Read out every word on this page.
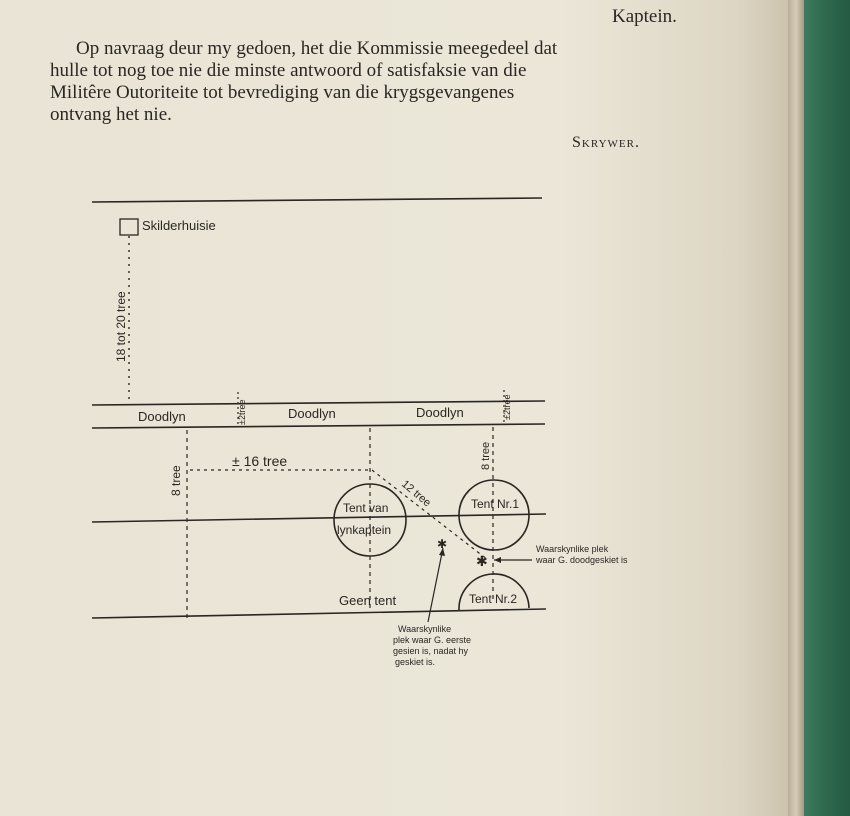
Kaptein.
Op navraag deur my gedoen, het die Kommissie meegedeel dat
hulle tot nog toe nie die minste antwoord of satisfaksie van die
Militêre Outoriteite tot bevrediging van die krygsgevangenes
ontvang het nie.
Skrywer.
✱
✱
Skilderhuisie
18 tot 20 tree
Doodlyn	Doodlyn	Doodlyn
±2tree	±2tree
8 tree
± 16 tree	8 tree
12 tree
Tent van
lynkaptein
Tent Nr.1
Tent Nr.2
Geen tent
Waarskynlike plek
waar G. doodgeskiet is
Waarskynlike
plek waar G. eerste
gesien is, nadat hy
geskiet is.
